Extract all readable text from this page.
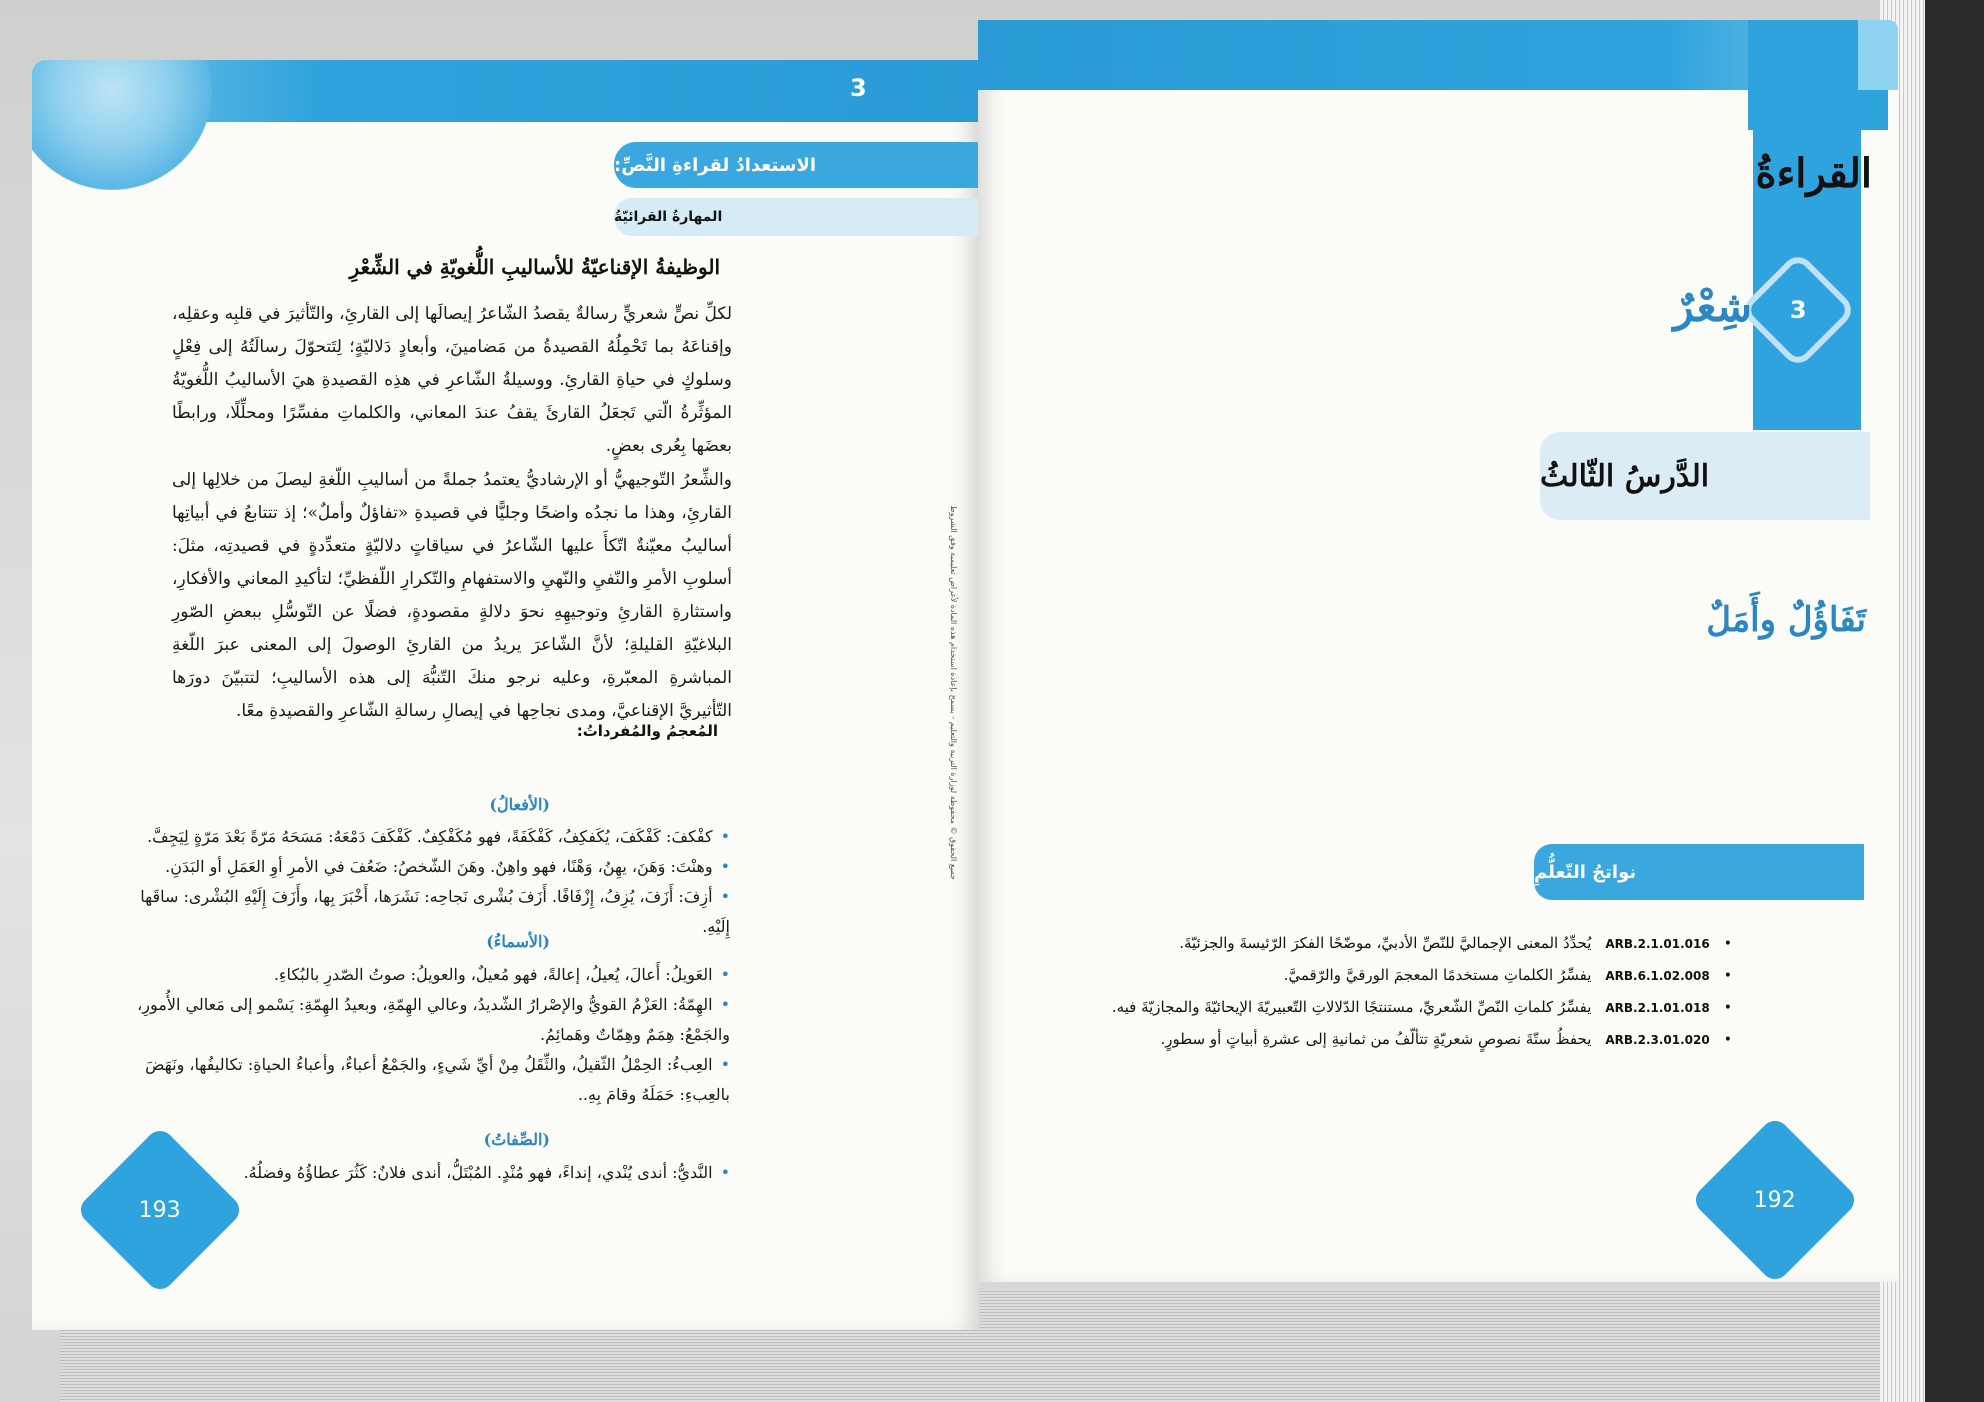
3
الاستعدادُ لقراءةِ النَّصِّ:
المهارةُ القرائيّةُ
الوظيفةُ الإقناعيّةُ للأساليبِ اللُّغويّةِ في الشِّعْرِ

لكلِّ نصٍّ شعريٍّ رسالةٌ يقصدُ الشّاعرُ إيصالَها إلى القارئِ، والتّأثيرَ في قلبِه وعقلِه، وإقناعَهُ بما تَحْمِلُهُ القصيدةُ من مَضامينَ، وأبعادٍ دَلاليّةٍ؛ لِتَتحوّلَ رسالَتُهُ إلى فِعْلٍ وسلوكٍ في حياةِ القارئِ. ووسيلةُ الشّاعرِ في هذِه القصيدةِ هيَ الأساليبُ اللُّغويّةُ المؤثِّرةُ الّتي تَجعَلُ القارئَ يقفُ عندَ المعاني، والكلماتِ مفسِّرًا ومحلِّلًا، ورابطًا بعضَها بِعُرى بعضٍ.

والشِّعرُ التّوجيهيُّ أو الإرشاديُّ يعتمدُ جملةً من أساليبِ اللّغةِ ليصلَ من خلالِها إلى القارئِ، وهذا ما نجدُه واضحًا وجليًّا في قصيدةِ «تفاؤلٌ وأملٌ»؛ إذ تتتابعُ في أبياتِها أساليبُ معيّنةٌ اتّكأَ عليها الشّاعرُ في سياقاتٍ دلاليّةٍ متعدِّدةٍ في قصيدتِه، مثلَ: أسلوبِ الأمرِ والنّفيِ والنّهيِ والاستفهامِ والتّكرارِ اللّفظيِّ؛ لتأكيدِ المعاني والأفكارِ، واستثارةِ القارئِ وتوجيهِهِ نحوَ دلالةٍ مقصودةٍ، فضلًا عن التّوسُّلِ ببعضِ الصّورِ البلاغيّةِ القليلةِ؛ لأنَّ الشّاعرَ يريدُ من القارئِ الوصولَ إلى المعنى عبرَ اللّغةِ المباشرةِ المعبّرةِ، وعليه نرجو منكَ التّنبُّهَ إلى هذه الأساليبِ؛ لتتبيّنَ دورَها التّأثيريَّ الإقناعيَّ، ومدى نجاحِها في إيصالِ رسالةِ الشّاعرِ والقصيدةِ معًا.

المُعجمُ والمُفرداتُ:
(الأفعالُ)
•كفْكفَ: كَفْكَفَ، يُكَفكِفُ، كَفْكَفَةً، فهو مُكَفْكِفٌ. كَفْكَفَ دَمْعَهُ: مَسَحَهُ مَرّةً بَعْدَ مَرّةٍ لِيَجِفَّ.
•وهنْتَ: وَهَنَ، يهِنُ، وَهْنًا، فهو واهِنٌ. وهَنَ الشّخصُ: ضَعُفَ في الأمرِ أوِ العَمَلِ أو البَدَنِ.
•أزِفَ: أَزَفَ، يُزِفُ، إِزْفَافًا. أَزَفَ بُشْرى نَجاحِه: نَشَرَها، أَخْبَرَ بِها، وأَزَفَ إِلَيْهِ البُشْرى: ساقَها إِلَيْهِ.
(الأسماءُ)
•العَويلُ: أَعالَ، يُعيلُ، إعالةً، فهو مُعيلٌ، والعويلُ: صوتُ الصّدرِ بالبُكاءِ.
•الهِمّةُ: العَزْمُ القويُّ والإصْرارُ الشّديدُ، وعالي الهِمّةِ، وبعيدُ الهِمّةِ: يَسْمو إلى مَعالي الأُمورِ، والجَمْعُ: هِمَمٌ وهِمّاتٌ وهَمائِمُ.
•العِبءُ: الحِمْلُ الثّقيلُ، والثِّقَلُ مِنْ أيِّ شَيءٍ، والجَمْعُ أعباءٌ، وأعباءُ الحياةِ: تكاليفُها، ونَهَضَ بالعِبءِ: حَمَلَهُ وقامَ بِهِ..
(الصِّفاتُ)
•النَّديُّ: أندى يُنْدي، إنداءً، فهو مُنْدٍ. المُبْتَلُّ، أندى فلانٌ: كَثُرَ عطاؤُهُ وفضلُهُ.
193
جميع الحقوق © محفوظة لوزارة التربية والتعليم - يسمح بإعادة استخدام هذه المادة لأغراض تعليمية وفق الشروط
القراءةُ
3
شِعْرٌ
الدَّرسُ الثّالثُ
تَفَاؤُلٌ وأَمَلٌ
نواتجُ التّعلُّمِ
•
ARB.2.1.01.016
يُحدِّدُ المعنى الإجماليَّ للنّصِّ الأدبيِّ، موضّحًا الفكرَ الرّئيسةَ والجزئيّةَ.
•
ARB.6.1.02.008
يفسِّرُ الكلماتِ مستخدمًا المعجمَ الورقيَّ والرّقميَّ.
•
ARB.2.1.01.018
يفسِّرُ كلماتِ النّصِّ الشّعريِّ، مستنتجًا الدّلالاتِ التّعبيريّةَ الإيحائيّةَ والمجازيّةَ فيه.
•
ARB.2.3.01.020
يحفظُ ستّةَ نصوصٍ شعريّةٍ تتألّفُ من ثمانيةِ إلى عشرةِ أبياتٍ أو سطورٍ.
192
